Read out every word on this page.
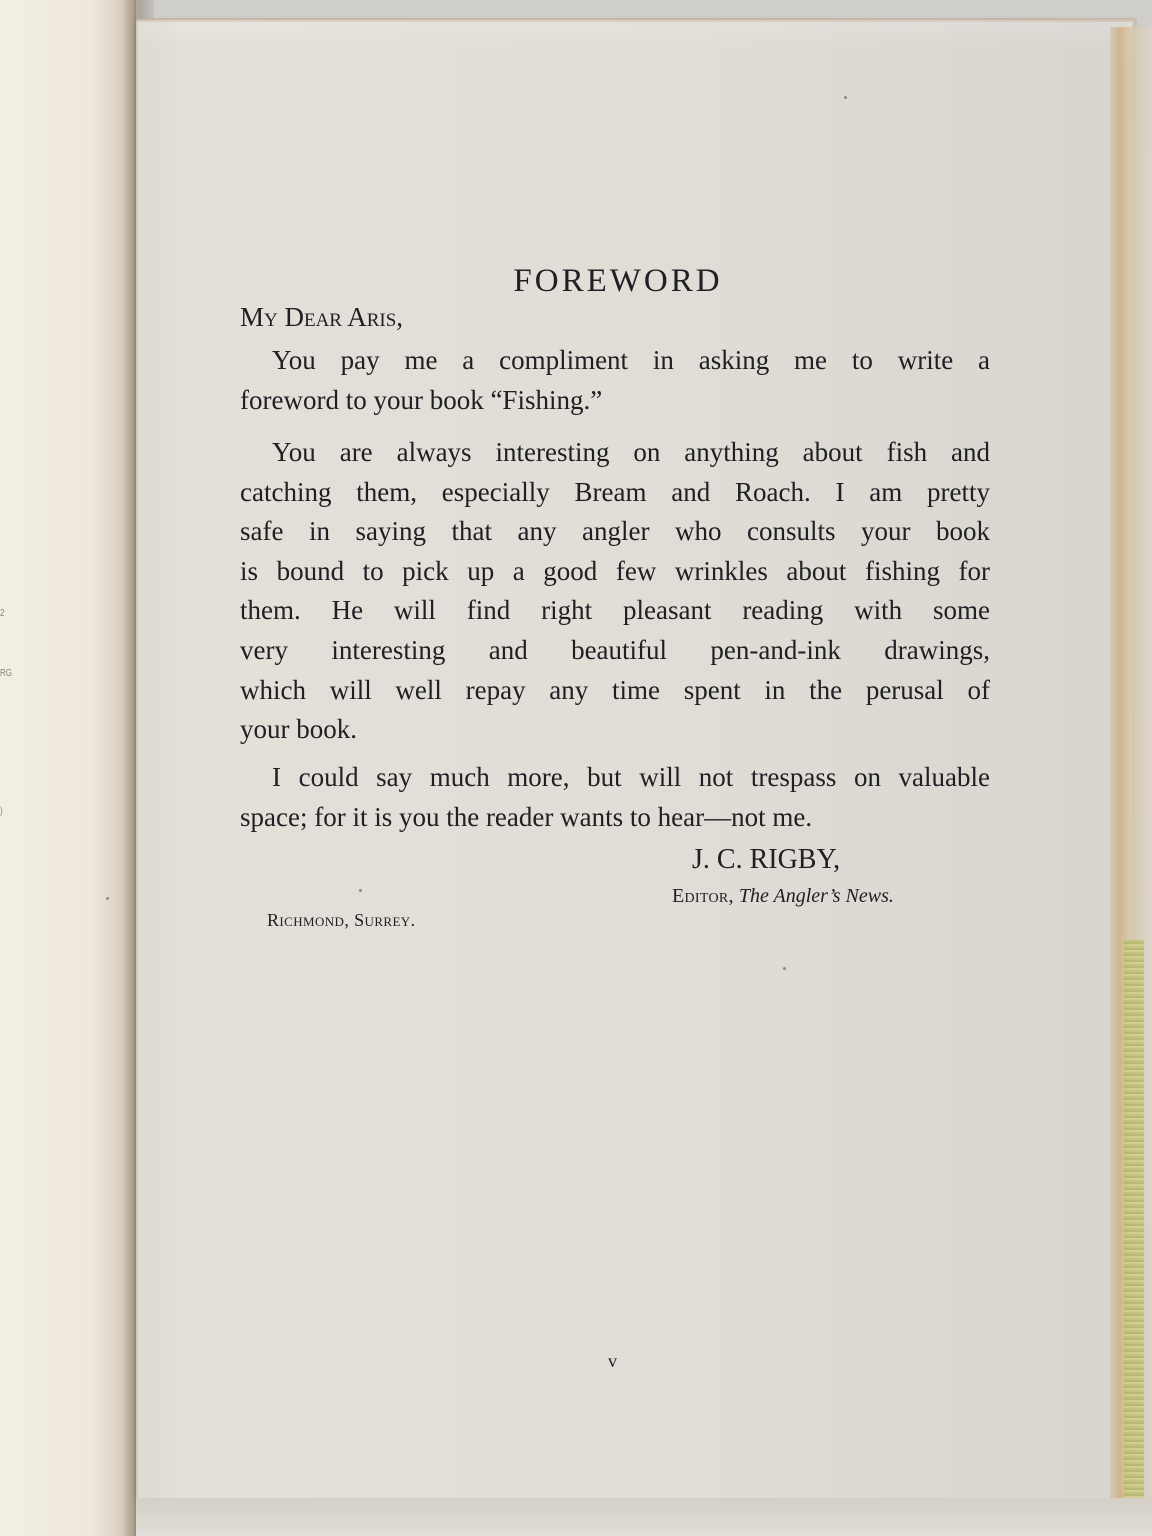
2
RG
)
FOREWORD
My Dear Aris,

You pay me a compliment in asking me to write a
foreword to your book “Fishing.”

You are always interesting on anything about fish and
catching them, especially Bream and Roach. I am pretty
safe in saying that any angler who consults your book
is bound to pick up a good few wrinkles about fishing for
them. He will find right pleasant reading with some
very interesting and beautiful pen-and-ink drawings,
which will well repay any time spent in the perusal of
your book.

I could say much more, but will not trespass on valuable
space; for it is you the reader wants to hear—not me.

J. C. RIGBY,
Editor, The Angler’s News.
Richmond, Surrey.
v
